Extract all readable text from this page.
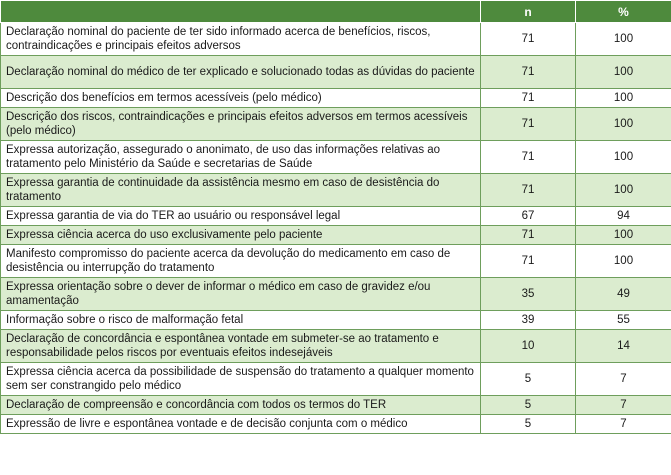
	n	%
Declaração nominal do paciente de ter sido informado acerca de benefícios, riscos, contraindicações e principais efeitos adversos	71	100
Declaração nominal do médico de ter explicado e solucionado todas as dúvidas do paciente	71	100
Descrição dos benefícios em termos acessíveis (pelo médico)	71	100
Descrição dos riscos, contraindicações e principais efeitos adversos em termos acessíveis (pelo médico)	71	100
Expressa autorização, assegurado o anonimato, de uso das informações relativas ao tratamento pelo Ministério da Saúde e secretarias de Saúde	71	100
Expressa garantia de continuidade da assistência mesmo em caso de desistência do tratamento	71	100
Expressa garantia de via do TER ao usuário ou responsável legal	67	94
Expressa ciência acerca do uso exclusivamente pelo paciente	71	100
Manifesto compromisso do paciente acerca da devolução do medicamento em caso de desistência ou interrupção do tratamento	71	100
Expressa orientação sobre o dever de informar o médico em caso de gravidez e/ou amamentação	35	49
Informação sobre o risco de malformação fetal	39	55
Declaração de concordância e espontânea vontade em submeter-se ao tratamento e responsabilidade pelos riscos por eventuais efeitos indesejáveis	10	14
Expressa ciência acerca da possibilidade de suspensão do tratamento a qualquer momento sem ser constrangido pelo médico	5	7
Declaração de compreensão e concordância com todos os termos do TER	5	7
Expressão de livre e espontânea vontade e de decisão conjunta com o médico	5	7
